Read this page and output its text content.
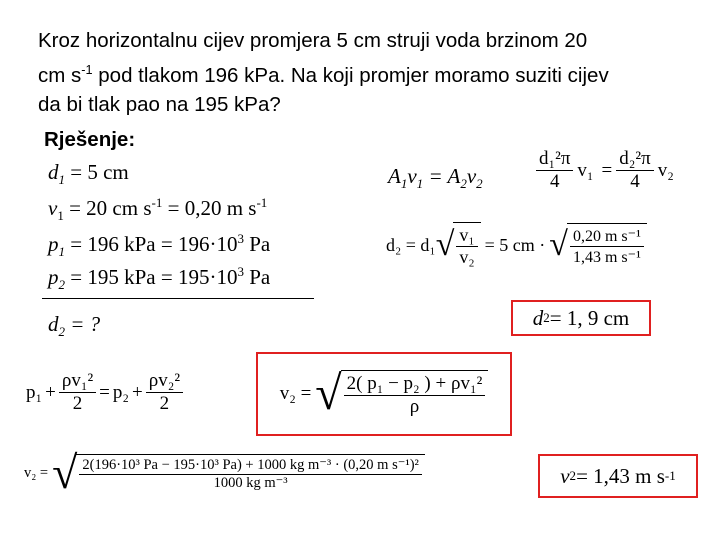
Kroz horizontalnu cijev promjera 5 cm struji voda brzinom 20
cm $s^{-1}$ pod tlakom 196 kPa. Na koji promjer moramo suziti cijev
da bi tlak pao na 195 kPa?
Rješenje:
$d_1 = 5$ cm
$v_1 = 20$ cm $s^{-1} = 0,20$ m $s^{-1}$
$p_1 = 196$ kPa = $196\cdot 10^3$ Pa
$p_2 = 195$ kPa = $195\cdot 10^3$ Pa
$d_2$ = ?
$A_1v_1 = A_2v_2$	$\frac{\text{d₁²π}}{4} v_1 = \frac{\text{d₂²π}}{4} v_2$
d₂ = d₁ √ $\frac{\text{v₁}}{\text{v₂}} = 5$ cm · √ $\frac{\text{0,20 m s⁻¹}}{\text{1,43 m s⁻¹}}$
d 2 = 1, 9 cm
$p_1 + \frac{\text{ρv₁²}}{2} = p_2 + \frac{\text{ρv₂²}}{2}$	v₂ = √ $\frac{\text{2( p₁ − p₂ ) + ρv₁²}}{\rho}$
v₂ = √ $\frac{\text{2(196·10³ Pa − 195·10³ Pa) + 1000 kg m⁻³ · (0,20 m s⁻¹)²}}{\text{1000 kg m⁻³}}$	v 2 = 1,43 m s -1
